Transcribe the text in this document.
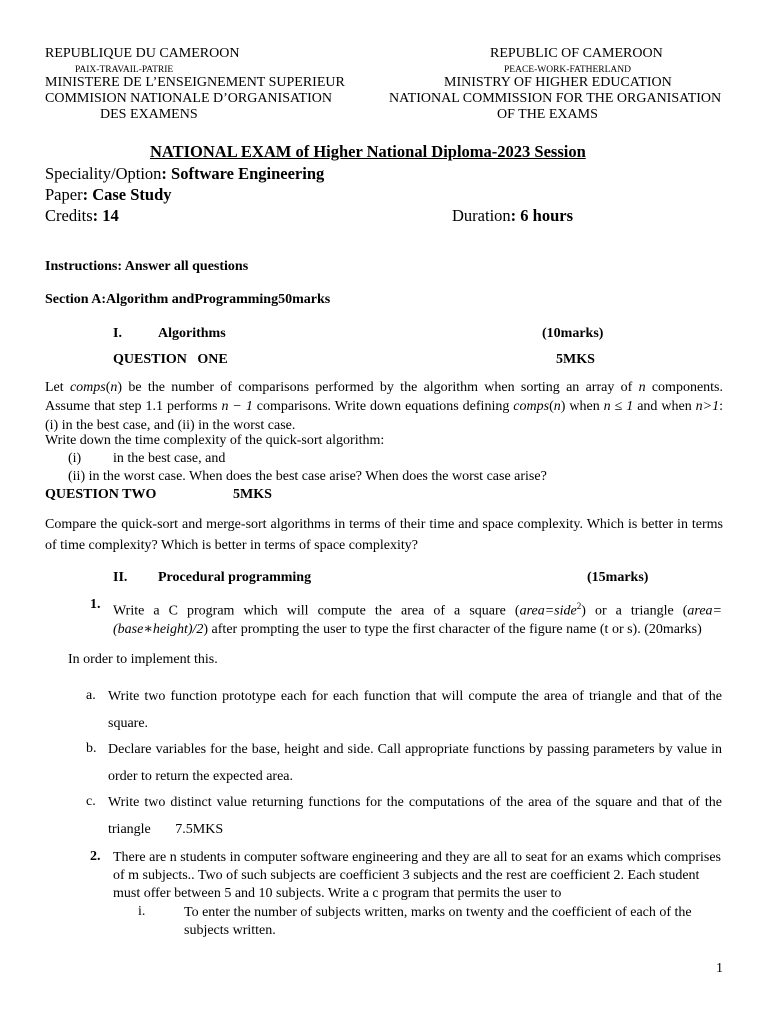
REPUBLIQUE DU CAMEROON
PAIX-TRAVAIL-PATRIE
MINISTERE DE L’ENSEIGNEMENT SUPERIEUR
COMMISION NATIONALE D’ORGANISATION
DES EXAMENS
REPUBLIC OF CAMEROON
PEACE-WORK-FATHERLAND
MINISTRY OF HIGHER EDUCATION
NATIONAL COMMISSION FOR THE ORGANISATION
OF THE EXAMS
NATIONAL EXAM of Higher National Diploma-2023 Session
Speciality/Option: Software Engineering
Paper: Case Study
Credits: 14	Duration: 6 hours
Instructions: Answer all questions
Section A:Algorithm andProgramming50marks
I.	Algorithms	(10marks)
QUESTION   ONE	5MKS
Let comps(n) be the number of comparisons performed by the algorithm when sorting an array of n components. Assume that step 1.1 performs n − 1 comparisons. Write down equations defining comps(n) when n ≤ 1 and when n>1: (i) in the best case, and (ii) in the worst case.
Write down the time complexity of the quick-sort algorithm:
(i) in the best case, and
(ii) in the worst case. When does the best case arise? When does the worst case arise?
QUESTION TWO	5MKS
Compare the quick-sort and merge-sort algorithms in terms of their time and space complexity. Which is better in terms of time complexity? Which is better in terms of space complexity?
II. Procedural programming	(15marks)
1. Write a C program which will compute the area of a square (area=side$^2$) or a triangle (area=(base∗height)/2) after prompting the user to type the first character of the figure name (t or s). (20marks)
In order to implement this.
a. Write two function prototype each for each function that will compute the area of triangle and that of the square.
b. Declare variables for the base, height and side. Call appropriate functions by passing parameters by value in order to return the expected area.
c. Write two distinct value returning functions for the computations of the area of the square and that of the triangle       7.5MKS
2. There are n students in computer software engineering and they are all to seat for an exams which comprises of m subjects.. Two of such subjects are coefficient 3 subjects and the rest are coefficient 2. Each student must offer between 5 and 10 subjects. Write a c program that permits the user to
i.	To enter the number of subjects written, marks on twenty and the coefficient of each of the subjects written.
1
